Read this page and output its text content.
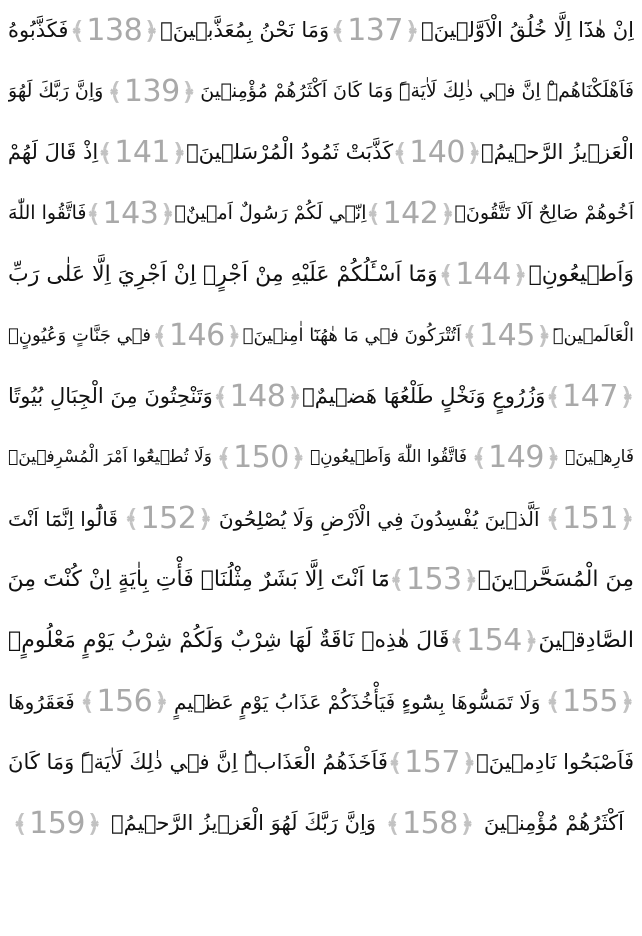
اِنْ هٰذَٓا اِلَّا خُلُقُ الْاَوَّل۪ينَۙ
﴾ 137 ﴿
وَمَا نَحْنُ بِمُعَذَّب۪ينَۚ
﴾ 138 ﴿
فَكَذَّبُوهُ
فَاَهْلَكْنَاهُمْۜ اِنَّ ف۪ي ذٰلِكَ لَاٰيَةًۜ وَمَا كَانَ اَكْثَرُهُمْ مُؤْمِن۪ينَ
﴾ 139 ﴿
وَاِنَّ رَبَّكَ لَهُوَ
الْعَز۪يزُ الرَّح۪يمُ۟
﴾ 140 ﴿
كَذَّبَتْ ثَمُودُ الْمُرْسَل۪ينَۚ
﴾ 141 ﴿
اِذْ قَالَ لَهُمْ
اَخُوهُمْ صَالِحٌ اَلَا تَتَّقُونَۚ
﴾ 142 ﴿
اِنّ۪ي لَكُمْ رَسُولٌ اَم۪ينٌۙ
﴾ 143 ﴿
فَاتَّقُوا اللّٰهَ
وَاَط۪يعُونِۚ
﴾ 144 ﴿
وَمَٓا اَسْـَٔلُكُمْ عَلَيْهِ مِنْ اَجْرٍۚ اِنْ اَجْرِيَ اِلَّا عَلٰى رَبِّ
الْعَالَم۪ينَۜ
﴾ 145 ﴿
اَتُتْرَكُونَ ف۪ي مَا هٰهُنَٓا اٰمِن۪ينَۙ
﴾ 146 ﴿
ف۪ي جَنَّاتٍ وَعُيُونٍۙ
﴾ 147 ﴿
وَزُرُوعٍ وَنَخْلٍ طَلْعُهَا هَض۪يمٌۚ
﴾ 148 ﴿
وَتَنْحِتُونَ مِنَ الْجِبَالِ بُيُوتًا
فَارِه۪ينَۚ
﴾ 149 ﴿
فَاتَّقُوا اللّٰهَ وَاَط۪يعُونِۚ
﴾ 150 ﴿
وَلَا تُط۪يعُٓوا اَمْرَ الْمُسْرِف۪ينَۙ
﴾ 151 ﴿
اَلَّذ۪ينَ يُفْسِدُونَ فِي الْاَرْضِ وَلَا يُصْلِحُونَ
﴾ 152 ﴿
قَالُٓوا اِنَّمَٓا اَنْتَ
مِنَ الْمُسَحَّر۪ينَۚ
﴾ 153 ﴿
مَٓا اَنْتَ اِلَّا بَشَرٌ مِثْلُنَاۚ فَأْتِ بِاٰيَةٍ اِنْ كُنْتَ مِنَ
الصَّادِق۪ينَ
﴾ 154 ﴿
قَالَ هٰذِه۪ نَاقَةٌ لَهَا شِرْبٌ وَلَكُمْ شِرْبُ يَوْمٍ مَعْلُومٍۚ
﴾ 155 ﴿
وَلَا تَمَسُّوهَا بِسُٓوءٍ فَيَأْخُذَكُمْ عَذَابُ يَوْمٍ عَظ۪يمٍ
﴾ 156 ﴿
فَعَقَرُوهَا
فَاَصْبَحُوا نَادِم۪ينَۙ
﴾ 157 ﴿
فَاَخَذَهُمُ الْعَذَابُۜ اِنَّ ف۪ي ذٰلِكَ لَاٰيَةًۜ وَمَا كَانَ
اَكْثَرُهُمْ مُؤْمِن۪ينَ
﴾ 158 ﴿
وَاِنَّ رَبَّكَ لَهُوَ الْعَز۪يزُ الرَّح۪يمُ۟
﴾ 159 ﴿
